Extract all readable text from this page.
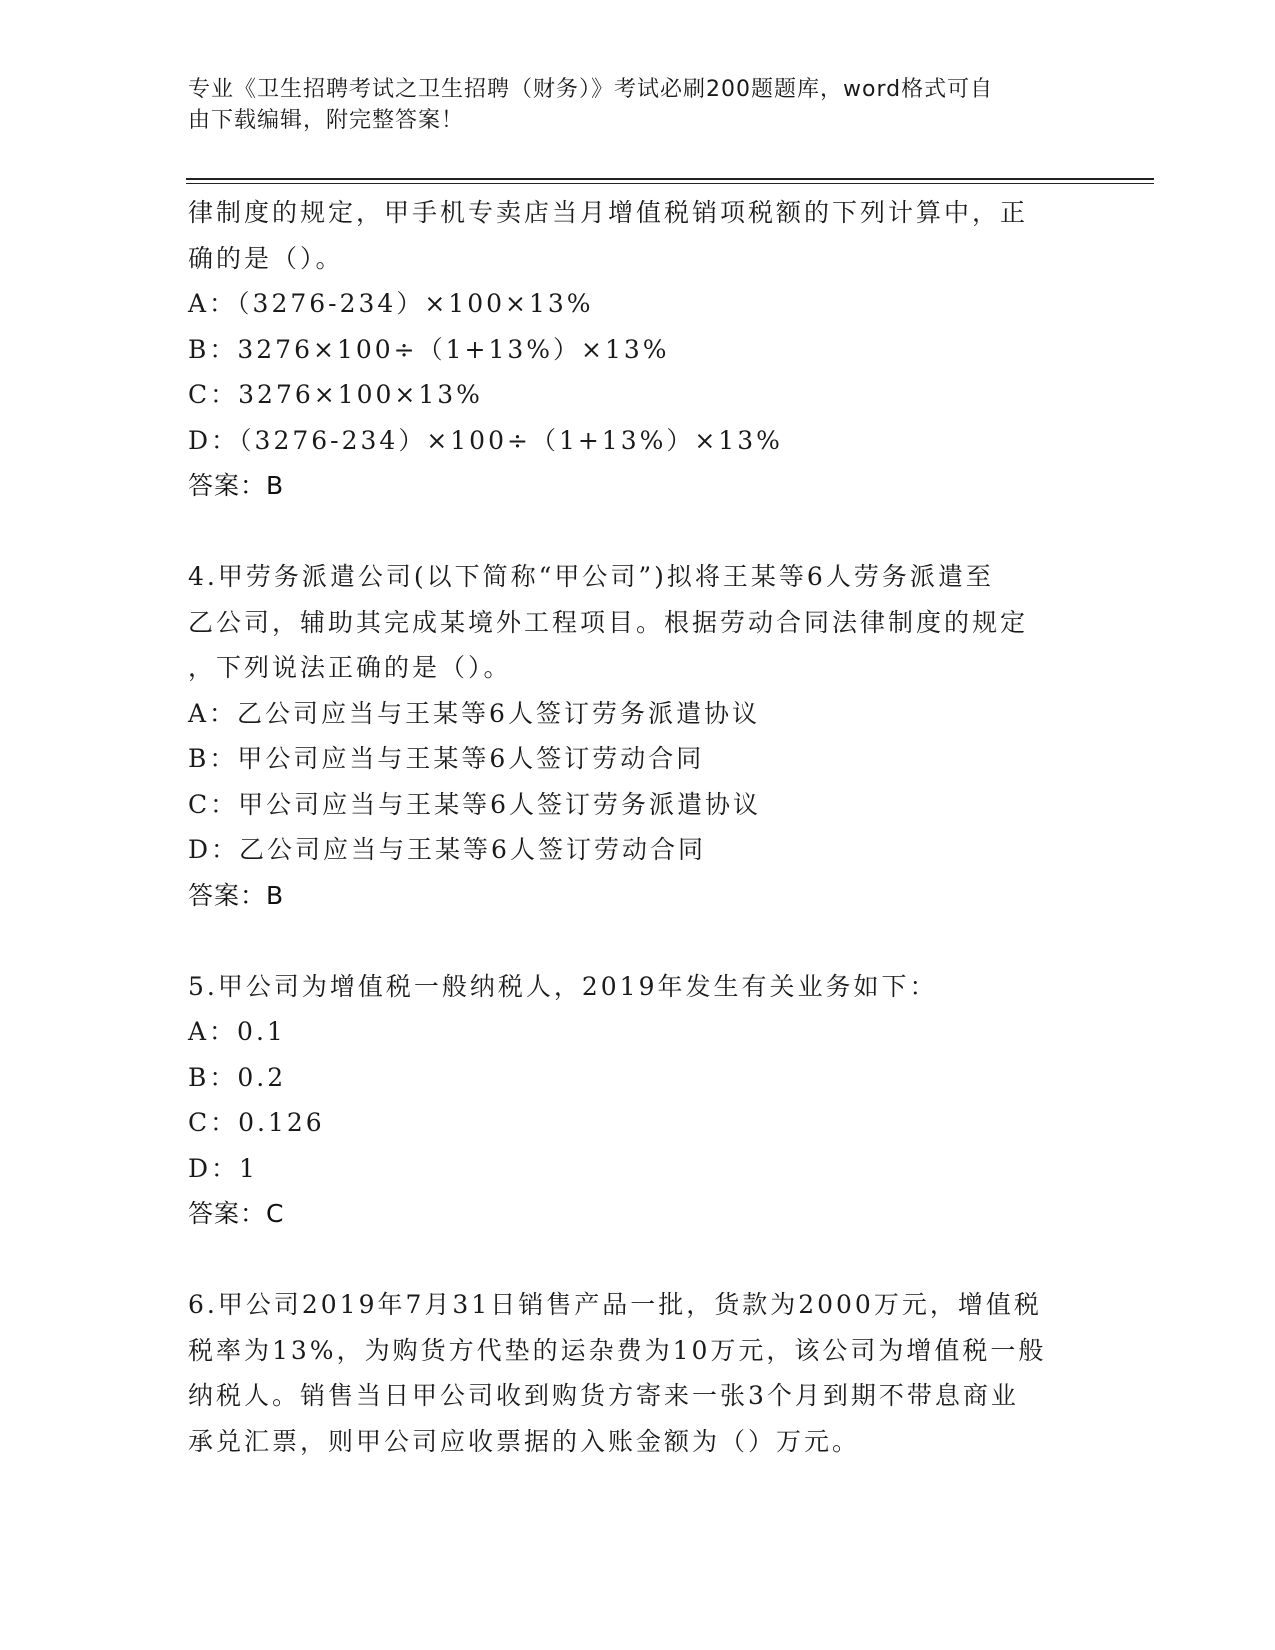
专业《卫生招聘考试之卫生招聘（财务）》考试必刷200题题库，word格式可自
由下载编辑，附完整答案！
律制度的规定，甲手机专卖店当月增值税销项税额的下列计算中，正
确的是（）。
A：（3276-234）×100×13%
B：3276×100÷（1+13%）×13%
C：3276×100×13%
D：（3276-234）×100÷（1+13%）×13%
答案：B
4.甲劳务派遣公司(以下简称“甲公司”)拟将王某等6人劳务派遣至
乙公司，辅助其完成某境外工程项目。根据劳动合同法律制度的规定
，下列说法正确的是（）。
A：乙公司应当与王某等6人签订劳务派遣协议
B：甲公司应当与王某等6人签订劳动合同
C：甲公司应当与王某等6人签订劳务派遣协议
D：乙公司应当与王某等6人签订劳动合同
答案：B
5.甲公司为增值税一般纳税人，2019年发生有关业务如下：
A：0.1
B：0.2
C：0.126
D：1
答案：C
6.甲公司2019年7月31日销售产品一批，货款为2000万元，增值税
税率为13%，为购货方代垫的运杂费为10万元，该公司为增值税一般
纳税人。销售当日甲公司收到购货方寄来一张3个月到期不带息商业
承兑汇票，则甲公司应收票据的入账金额为（）万元。
